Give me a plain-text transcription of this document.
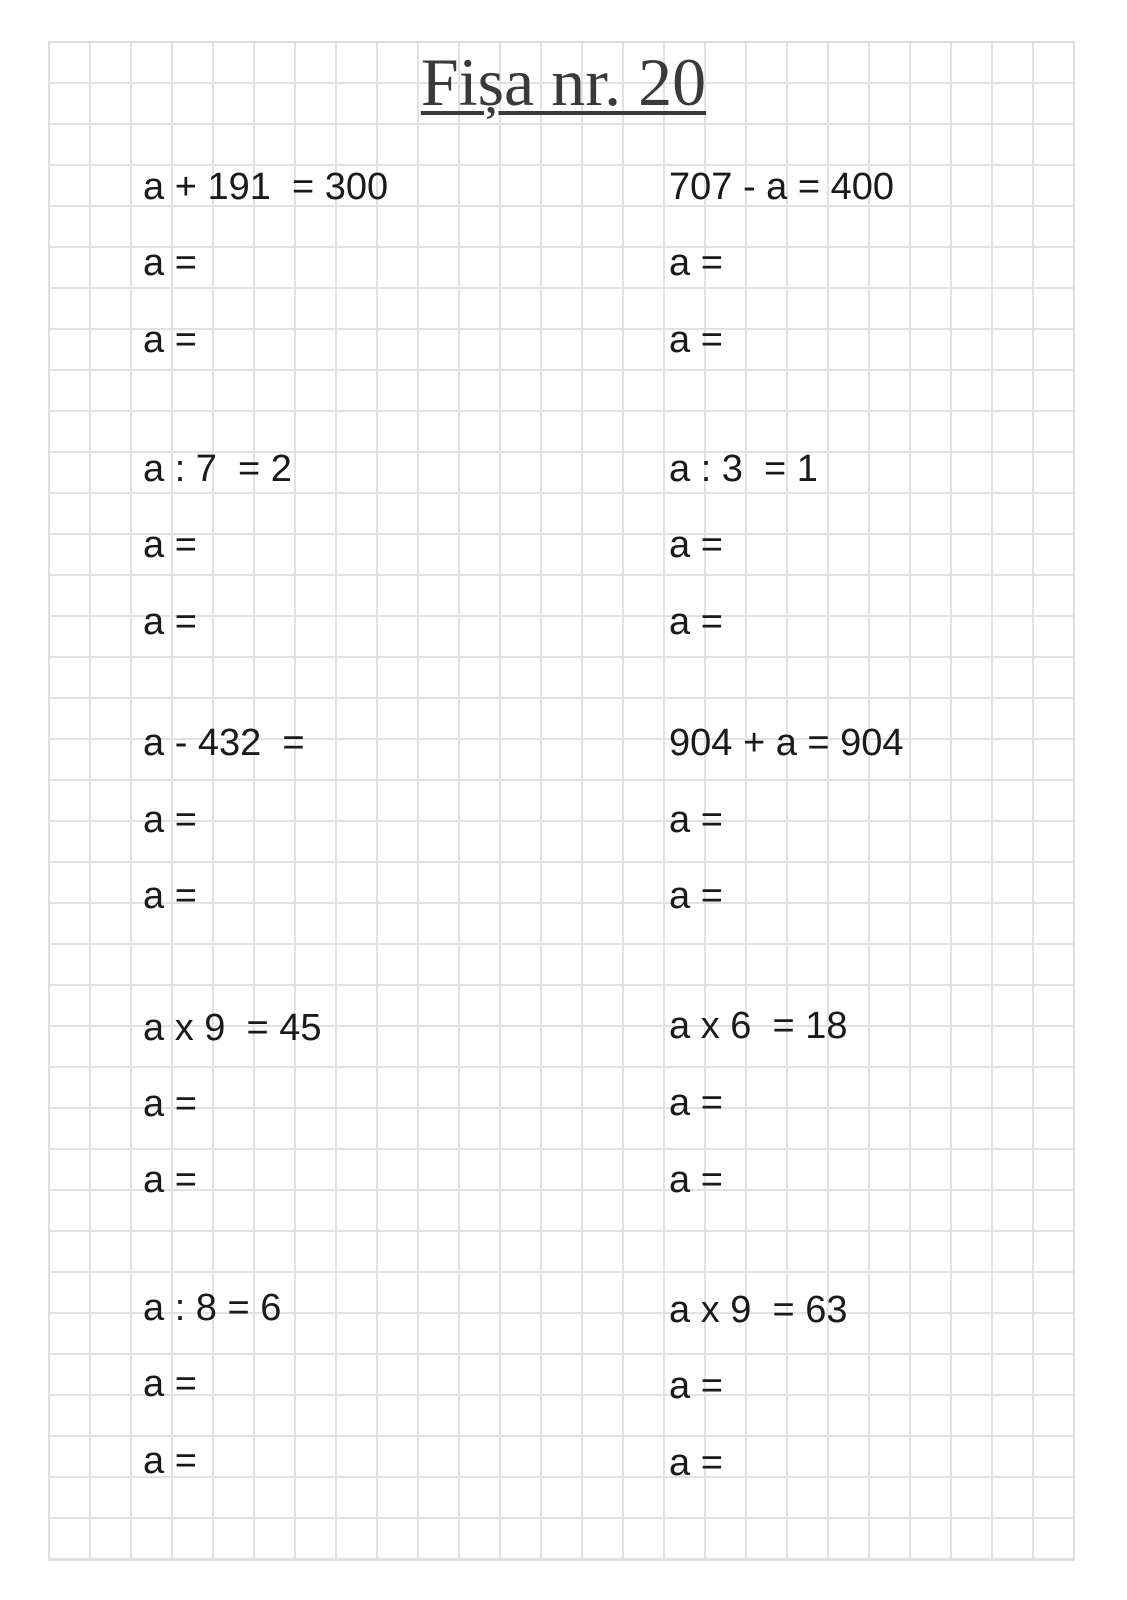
Fișa nr. 20
a + 191  = 300
a =
a =
707 - a = 400
a =
a =
a : 7  = 2
a =
a =
a : 3  = 1
a =
a =
a - 432  =
a =
a =
904 + a = 904
a =
a =
a x 9  = 45
a =
a =
a x 6  = 18
a =
a =
a : 8 = 6
a =
a =
a x 9  = 63
a =
a =
